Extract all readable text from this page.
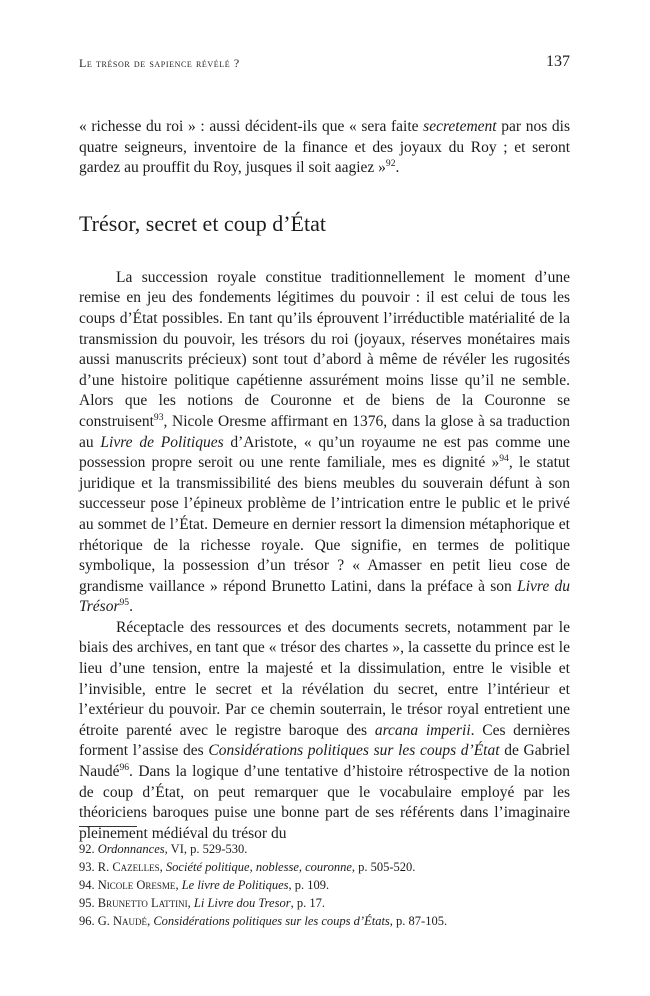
Le trésor de sapience révélé ?	137

« richesse du roi » : aussi décident-ils que « sera faite secretement par nos dis quatre seigneurs, inventoire de la finance et des joyaux du Roy ; et seront gardez au prouffit du Roy, jusques il soit aagiez »$^{92}$.

Trésor, secret et coup d’État

La succession royale constitue traditionnellement le moment d’une remise en jeu des fondements légitimes du pouvoir : il est celui de tous les coups d’État possibles. En tant qu’ils éprouvent l’irréductible matérialité de la transmission du pouvoir, les trésors du roi (joyaux, réserves monétaires mais aussi manuscrits précieux) sont tout d’abord à même de révéler les rugosités d’une histoire politique capétienne assurément moins lisse qu’il ne semble. Alors que les notions de Couronne et de biens de la Couronne se construisent$^{93}$, Nicole Oresme affirmant en 1376, dans la glose à sa traduction au Livre de Politiques d’Aristote, « qu’un royaume ne est pas comme une possession propre seroit ou une rente familiale, mes es dignité »$^{94}$, le statut juridique et la transmissibilité des biens meubles du souverain défunt à son successeur pose l’épineux problème de l’intrication entre le public et le privé au sommet de l’État. Demeure en dernier ressort la dimension métaphorique et rhétorique de la richesse royale. Que signifie, en termes de politique symbolique, la possession d’un trésor ? « Amasser en petit lieu cose de grandisme vaillance » répond Brunetto Latini, dans la préface à son Livre du Trésor$^{95}$.

Réceptacle des ressources et des documents secrets, notamment par le biais des archives, en tant que « trésor des chartes », la cassette du prince est le lieu d’une tension, entre la majesté et la dissimulation, entre le visible et l’invisible, entre le secret et la révélation du secret, entre l’intérieur et l’extérieur du pouvoir. Par ce chemin souterrain, le trésor royal entretient une étroite parenté avec le registre baroque des arcana imperii. Ces dernières forment l’assise des Considérations politiques sur les coups d’État de Gabriel Naudé$^{96}$. Dans la logique d’une tentative d’histoire rétrospective de la notion de coup d’État, on peut remarquer que le vocabulaire employé par les théoriciens baroques puise une bonne part de ses référents dans l’imaginaire pleinement médiéval du trésor du

92. Ordonnances, VI, p. 529-530.
93. R. Cazelles, Société politique, noblesse, couronne, p. 505-520.
94. Nicole Oresme, Le livre de Politiques, p. 109.
95. Brunetto Lattini, Li Livre dou Tresor, p. 17.
96. G. Naudé, Considérations politiques sur les coups d’États, p. 87-105.
